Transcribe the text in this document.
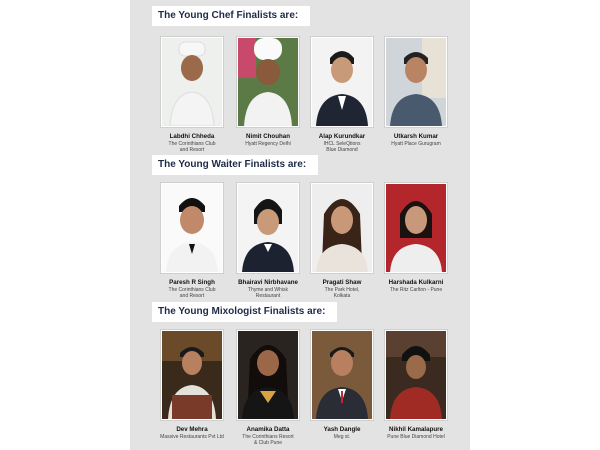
The Young Chef Finalists are:
The Young Waiter Finalists are:
The Young Mixologist Finalists are:
Labdhi Chheda
The Corinthians Club
and Resort
Nimit Chouhan
Hyatt Regency Delhi
Alap Kurundkar
IHCL SeleQtions
Blue Diamond
Utkarsh Kumar
Hyatt Place Gurugram
Paresh R Singh
The Corinthians Club
and Resort
Bhairavi Nirbhavane
Thyme and Whisk
Restaurant
Pragati Shaw
The Park Hotel,
Kolkata
Harshada Kulkarni
The Ritz Carlton - Pune
Dev Mehra
Massive Restaurants Pvt Ltd
Anamika Datta
The Corinthians Resort
& Club Pune
Yash Dangle
Meg st.
Nikhil Kamalapure
Pune Blue Diamond Hotel
